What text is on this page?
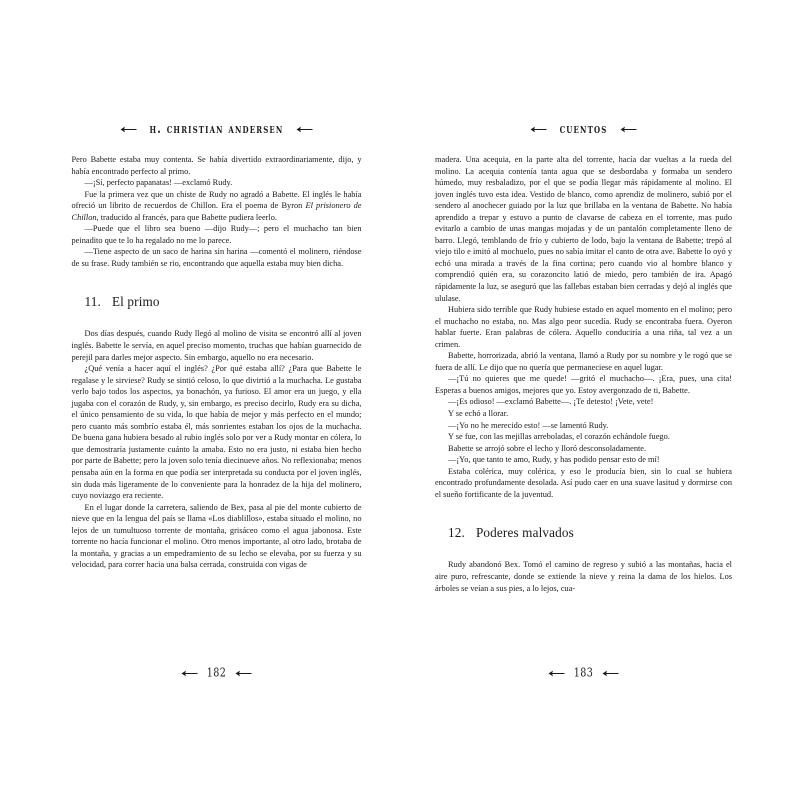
h. christian andersen

Pero Babette estaba muy contenta. Se había divertido extraordinariamente, dijo, y había encontrado perfecto al primo.

—¡Sí, perfecto papanatas! —exclamó Rudy.

Fue la primera vez que un chiste de Rudy no agradó a Babette. El inglés le había ofreció un librito de recuerdos de Chillon. Era el poema de Byron El prisionero de Chillon, traducido al francés, para que Babette pudiera leerlo.

—Puede que el libro sea bueno —dijo Rudy—; pero el muchacho tan bien peinadito que te lo ha regalado no me lo parece.

—Tiene aspecto de un saco de harina sin harina —comentó el molinero, riéndose de su frase. Rudy también se rio, encontrando que aquella estaba muy bien dicha.

11. El primo

Dos días después, cuando Rudy llegó al molino de visita se encontró allí al joven inglés. Babette le servía, en aquel preciso momento, truchas que habían guarnecido de perejil para darles mejor aspecto. Sin embargo, aquello no era necesario.

¿Qué venía a hacer aquí el inglés? ¿Por qué estaba allí? ¿Para que Babette le regalase y le sirviese? Rudy se sintió celoso, lo que divirtió a la muchacha. Le gustaba verlo bajo todos los aspectos, ya bonachón, ya furioso. El amor era un juego, y ella jugaba con el corazón de Rudy, y, sin embargo, es preciso decirlo, Rudy era su dicha, el único pensamiento de su vida, lo que había de mejor y más perfecto en el mundo; pero cuanto más sombrío estaba él, más sonrientes estaban los ojos de la muchacha. De buena gana hubiera besado al rubio inglés solo por ver a Rudy montar en cólera, lo que demostraría justamente cuánto la amaba. Esto no era justo, ni estaba bien hecho por parte de Babette; pero la joven solo tenía diecinueve años. No reflexionaba; menos pensaba aún en la forma en que podía ser interpretada su conducta por el joven inglés, sin duda más ligeramente de lo conveniente para la honradez de la hija del molinero, cuyo noviazgo era reciente.

En el lugar donde la carretera, saliendo de Bex, pasa al pie del monte cubierto de nieve que en la lengua del país se llama «Los diablillos», estaba situado el molino, no lejos de un tumultuoso torrente de montaña, grisáceo como el agua jabonosa. Este torrente no hacía funcionar el molino. Otro menos importante, al otro lado, brotaba de la montaña, y gracias a un empedramiento de su lecho se elevaba, por su fuerza y su velocidad, para correr hacia una balsa cerrada, construida con vigas de

182
cuentos

madera. Una acequia, en la parte alta del torrente, hacía dar vueltas a la rueda del molino. La acequia contenía tanta agua que se desbordaba y formaba un sendero húmedo, muy resbaladizo, por el que se podía llegar más rápidamente al molino. El joven inglés tuvo esta idea. Vestido de blanco, como aprendiz de molinero, subió por el sendero al anochecer guiado por la luz que brillaba en la ventana de Babette. No había aprendido a trepar y estuvo a punto de clavarse de cabeza en el torrente, mas pudo evitarlo a cambio de unas mangas mojadas y de un pantalón completamente lleno de barro. Llegó, temblando de frío y cubierto de lodo, bajo la ventana de Babette; trepó al viejo tilo e imitó al mochuelo, pues no sabía imitar el canto de otra ave. Babette lo oyó y echó una mirada a través de la fina cortina; pero cuando vio al hombre blanco y comprendió quién era, su corazoncito latió de miedo, pero también de ira. Apagó rápidamente la luz, se aseguró que las fallebas estaban bien cerradas y dejó al inglés que ululase.

Hubiera sido terrible que Rudy hubiese estado en aquel momento en el molino; pero el muchacho no estaba, no. Mas algo peor sucedía. Rudy se encontraba fuera. Oyeron hablar fuerte. Eran palabras de cólera. Aquello conduciría a una riña, tal vez a un crimen.

Babette, horrorizada, abrió la ventana, llamó a Rudy por su nombre y le rogó que se fuera de allí. Le dijo que no quería que permaneciese en aquel lugar.

—¡Tú no quieres que me quede! —gritó el muchacho—. ¡Era, pues, una cita! Esperas a buenos amigos, mejores que yo. Estoy avergonzado de ti, Babette.

—¡Es odioso! —exclamó Babette—. ¡Te detesto! ¡Vete, vete!

Y se echó a llorar.

—¡Yo no he merecido esto! —se lamentó Rudy.

Y se fue, con las mejillas arreboladas, el corazón echándole fuego.

Babette se arrojó sobre el lecho y lloró desconsoladamente.

—¡Yo, que tanto te amo, Rudy, y has podido pensar esto de mí!

Estaba colérica, muy colérica, y eso le producía bien, sin lo cual se hubiera encontrado profundamente desolada. Así pudo caer en una suave lasitud y dormirse con el sueño fortificante de la juventud.

12. Poderes malvados

Rudy abandonó Bex. Tomó el camino de regreso y subió a las montañas, hacia el aire puro, refrescante, donde se extiende la nieve y reina la dama de los hielos. Los árboles se veían a sus pies, a lo lejos, cua-

183
